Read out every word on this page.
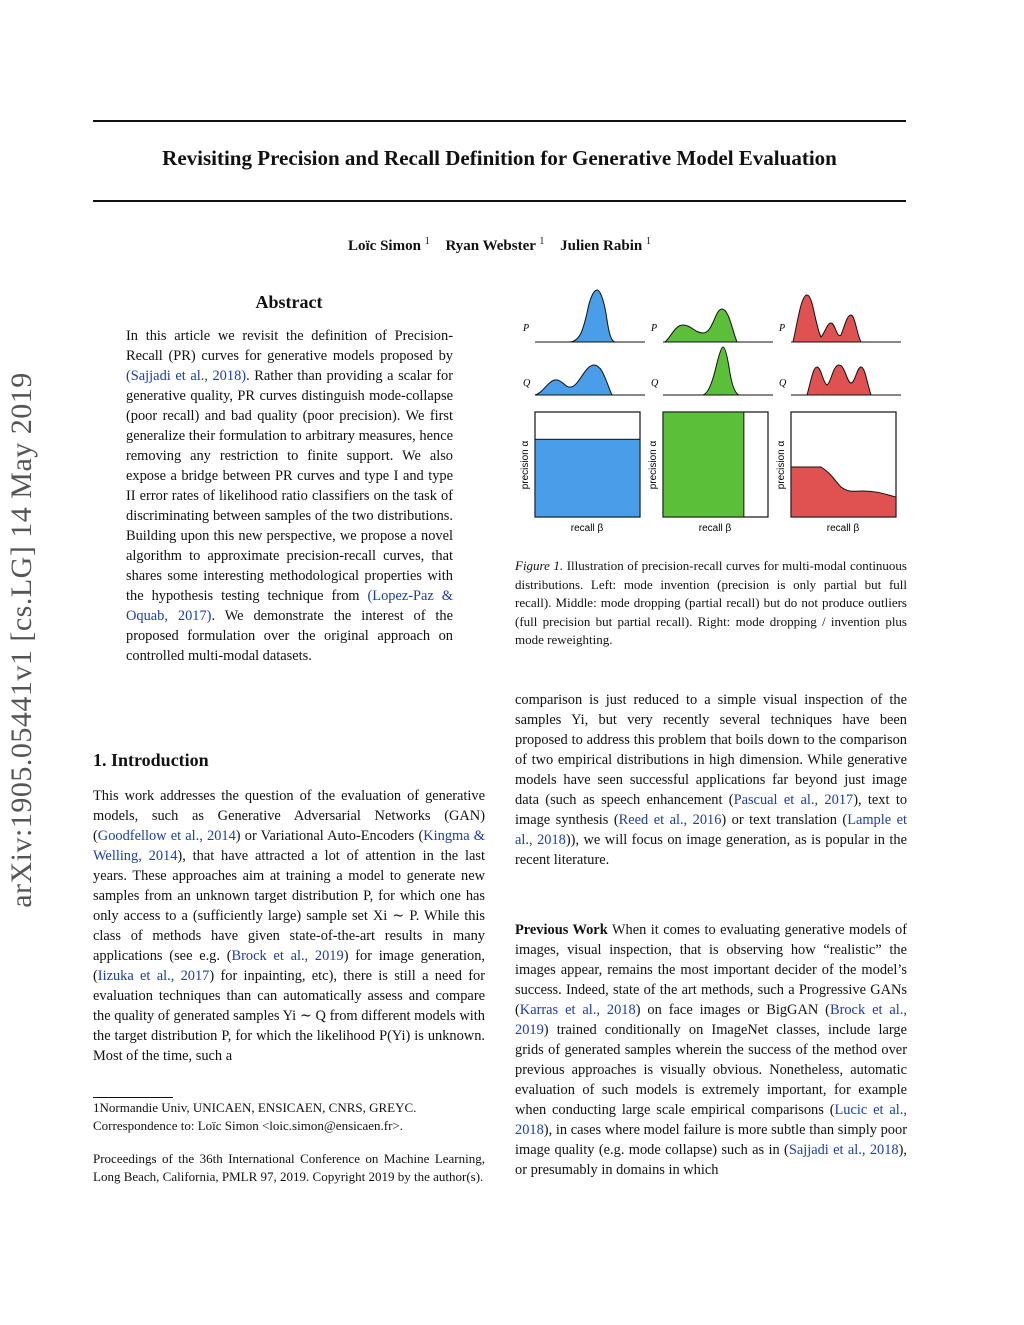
arXiv:1905.05441v1 [cs.LG] 14 May 2019
Revisiting Precision and Recall Definition for Generative Model Evaluation
Loïc Simon $^1$ Ryan Webster $^1$ Julien Rabin $^1$
Abstract
In this article we revisit the definition of Precision-Recall (PR) curves for generative models proposed by (Sajjadi et al., 2018). Rather than providing a scalar for generative quality, PR curves distinguish mode-collapse (poor recall) and bad quality (poor precision). We first generalize their formulation to arbitrary measures, hence removing any restriction to finite support. We also expose a bridge between PR curves and type I and type II error rates of likelihood ratio classifiers on the task of discriminating between samples of the two distributions. Building upon this new perspective, we propose a novel algorithm to approximate precision-recall curves, that shares some interesting methodological properties with the hypothesis testing technique from (Lopez-Paz & Oquab, 2017). We demonstrate the interest of the proposed formulation over the original approach on controlled multi-modal datasets.
1. Introduction
This work addresses the question of the evaluation of generative models, such as Generative Adversarial Networks (GAN) (Goodfellow et al., 2014) or Variational Auto-Encoders (Kingma & Welling, 2014), that have attracted a lot of attention in the last years. These approaches aim at training a model to generate new samples from an unknown target distribution P, for which one has only access to a (sufficiently large) sample set Xi ∼ P. While this class of methods have given state-of-the-art results in many applications (see e.g. (Brock et al., 2019) for image generation, (Iizuka et al., 2017) for inpainting, etc), there is still a need for evaluation techniques than can automatically assess and compare the quality of generated samples Yi ∼ Q from different models with the target distribution P, for which the likelihood P(Yi) is unknown. Most of the time, such a
1Normandie Univ, UNICAEN, ENSICAEN, CNRS, GREYC. Correspondence to: Loïc Simon <loic.simon@ensicaen.fr>.
Proceedings of the 36th International Conference on Machine Learning, Long Beach, California, PMLR 97, 2019. Copyright 2019 by the author(s).
P
Q
precision α
recall β
P
Q
precision α
recall β
P
Q
precision α
recall β
Figure 1. Illustration of precision-recall curves for multi-modal continuous distributions. Left: mode invention (precision is only partial but full recall). Middle: mode dropping (partial recall) but do not produce outliers (full precision but partial recall). Right: mode dropping / invention plus mode reweighting.
comparison is just reduced to a simple visual inspection of the samples Yi, but very recently several techniques have been proposed to address this problem that boils down to the comparison of two empirical distributions in high dimension. While generative models have seen successful applications far beyond just image data (such as speech enhancement (Pascual et al., 2017), text to image synthesis (Reed et al., 2016) or text translation (Lample et al., 2018)), we will focus on image generation, as is popular in the recent literature.
Previous Work When it comes to evaluating generative models of images, visual inspection, that is observing how “realistic” the images appear, remains the most important decider of the model’s success. Indeed, state of the art methods, such a Progressive GANs (Karras et al., 2018) on face images or BigGAN (Brock et al., 2019) trained conditionally on ImageNet classes, include large grids of generated samples wherein the success of the method over previous approaches is visually obvious. Nonetheless, automatic evaluation of such models is extremely important, for example when conducting large scale empirical comparisons (Lucic et al., 2018), in cases where model failure is more subtle than simply poor image quality (e.g. mode collapse) such as in (Sajjadi et al., 2018), or presumably in domains in which
